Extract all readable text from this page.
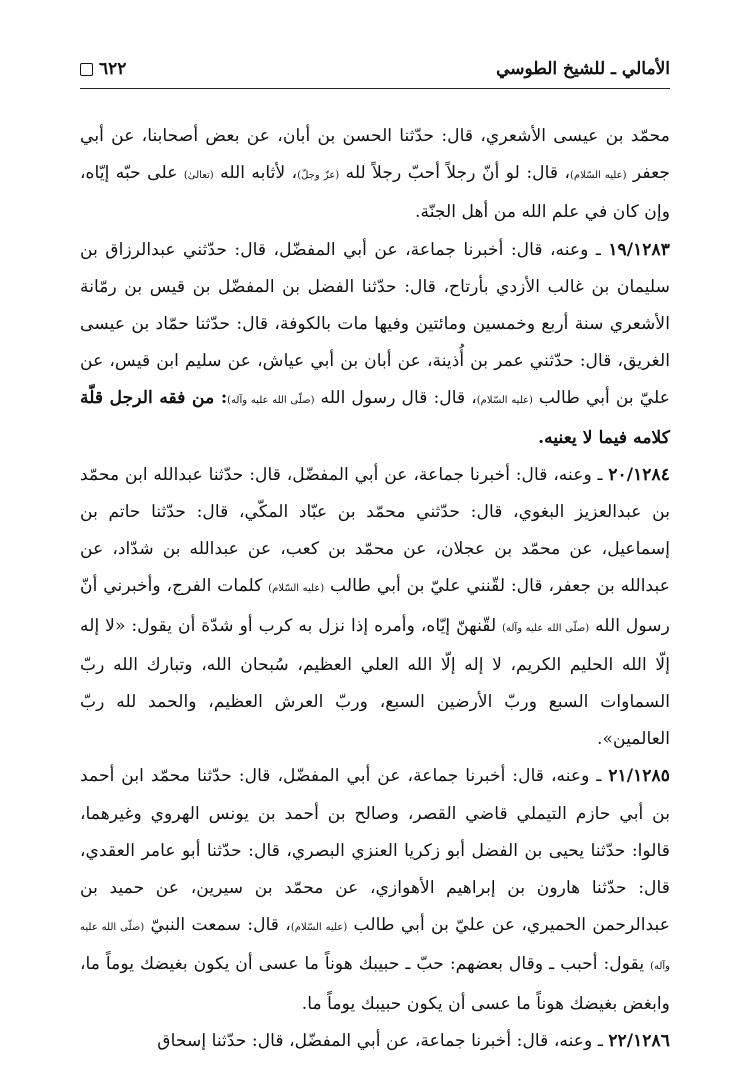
الأمالي ـ للشيخ الطوسي
٦٢٢

محمّد بن عيسى الأشعري، قال: حدّثنا الحسن بن أبان، عن بعض أصحابنا، عن أبي جعفر (عليه السّلام)، قال: لو أنّ رجلاً أحبّ رجلاً لله (عزّ وجلّ)، لأثابه الله (تعالىٰ) على حبّه إيّاه، وإن كان في علم الله من أهل الجنّة.

١٩/١٢٨٣ ـ وعنه، قال: أخبرنا جماعة، عن أبي المفضّل، قال: حدّثني عبدالرزاق بن سليمان بن غالب الأزدي بأرتاح، قال: حدّثنا الفضل بن المفضّل بن قيس بن رمّانة الأشعري سنة أربع وخمسين ومائتين وفيها مات بالكوفة، قال: حدّثنا حمّاد بن عيسى الغريق، قال: حدّثني عمر بن أُذينة، عن أبان بن أبي عياش، عن سليم ابن قيس، عن عليّ بن أبي طالب (عليه السّلام)، قال: قال رسول الله (صلّى الله عليه وآله): من فقه الرجل قلّة كلامه فيما لا يعنيه.

٢٠/١٢٨٤ ـ وعنه، قال: أخبرنا جماعة، عن أبي المفضّل، قال: حدّثنا عبدالله ابن محمّد بن عبدالعزيز البغوي، قال: حدّثني محمّد بن عبّاد المكّي، قال: حدّثنا حاتم بن إسماعيل، عن محمّد بن عجلان، عن محمّد بن كعب، عن عبدالله بن شدّاد، عن عبدالله بن جعفر، قال: لقّنني عليّ بن أبي طالب (عليه السّلام) كلمات الفرج، وأخبرني أنّ رسول الله (صلّى الله عليه وآله) لقّنهنّ إيّاه، وأمره إذا نزل به كرب أو شدّة أن يقول: «لا إله إلّا الله الحليم الكريم، لا إله إلّا الله العلي العظيم، سُبحان الله، وتبارك الله ربّ السماوات السبع وربّ الأرضين السبع، وربّ العرش العظيم، والحمد لله ربّ العالمين».

٢١/١٢٨٥ ـ وعنه، قال: أخبرنا جماعة، عن أبي المفضّل، قال: حدّثنا محمّد ابن أحمد بن أبي حازم التيملي قاضي القصر، وصالح بن أحمد بن يونس الهروي وغيرهما، قالوا: حدّثنا يحيى بن الفضل أبو زكريا العنزي البصري، قال: حدّثنا أبو عامر العقدي، قال: حدّثنا هارون بن إبراهيم الأهوازي، عن محمّد بن سيرين، عن حميد بن عبدالرحمن الحميري، عن عليّ بن أبي طالب (عليه السّلام)، قال: سمعت النبيّ (صلّى الله عليه وآله) يقول: أحبب ـ وقال بعضهم: حبّ ـ حبيبك هوناً ما عسى أن يكون بغيضك يوماً ما، وابغض بغيضك هوناً ما عسى أن يكون حبيبك يوماً ما.

٢٢/١٢٨٦ ـ وعنه، قال: أخبرنا جماعة، عن أبي المفضّل، قال: حدّثنا إسحاق
